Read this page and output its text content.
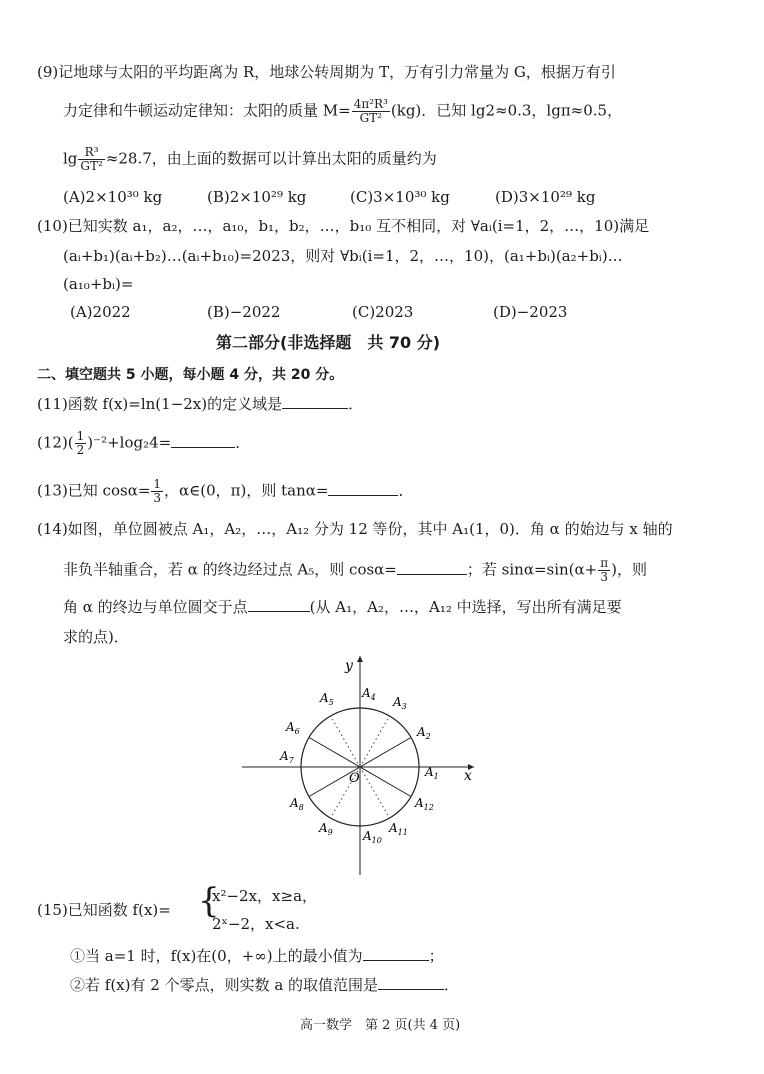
(9)记地球与太阳的平均距离为 R，地球公转周期为 T，万有引力常量为 G，根据万有引
力定律和牛顿运动定律知：太阳的质量 $M= \frac{\text{4π²R³}}{\text{GT²}} (kg)$．已知 lg2≈0.3，lgπ≈0.5，
$\lg \frac{\text{R³}}{\text{GT²}} \approx 28.7$，由上面的数据可以计算出太阳的质量约为
(A)2×10³⁰ kg	(B)2×10²⁹ kg	(C)3×10³⁰ kg	(D)3×10²⁹ kg
(10)已知实数 a₁，a₂，…，a₁₀，b₁，b₂，…，b₁₀ 互不相同，对 ∀aᵢ(i=1，2，…，10)满足
(aᵢ+b₁)(aᵢ+b₂)…(aᵢ+b₁₀)=2023，则对 ∀bᵢ(i=1，2，…，10)，(a₁+bᵢ)(a₂+bᵢ)…
(a₁₀+bᵢ)=
(A)2022	(B)−2022	(C)2023	(D)−2023
第二部分(非选择题　共 70 分)
二、填空题共 5 小题，每小题 4 分，共 20 分。
(11)函数 f(x)=ln(1−2x)的定义域是	．
$(12)( \frac{1}{2} )^{-2}+\log_24=$	．
(13)已知 $\cos\alpha= \frac{1}{3}$ ，α∈(0，π)，则 tanα=	．
(14)如图，单位圆被点 A₁，A₂，…，A₁₂ 分为 12 等份，其中 A₁(1，0)．角 α 的始边与 x 轴的
非负半轴重合，若 α 的终边经过点 A₅，则 cosα=	；若 $\sin\alpha=\sin(\alpha+ \frac{\pi}{3}$ )，则
角 α 的终边与单位圆交于点	(从 A₁，A₂，…，A₁₂ 中选择，写出所有满足要
求的点)．
x
y
O	$A_1$
$A_2$
$A_3$
$A_4$
$A_5$
$A_6$
$A_7$
$A_8$
$A_9$	$A_{10}$
$A_{11}$
$A_{12}$
(15)已知函数 f(x)= {
x²−2x，x≥a，
2ˣ−2，x<a.
①当 a=1 时，f(x)在(0，+∞)上的最小值为	；
②若 f(x)有 2 个零点，则实数 a 的取值范围是	．
高一数学　第 2 页(共 4 页)
